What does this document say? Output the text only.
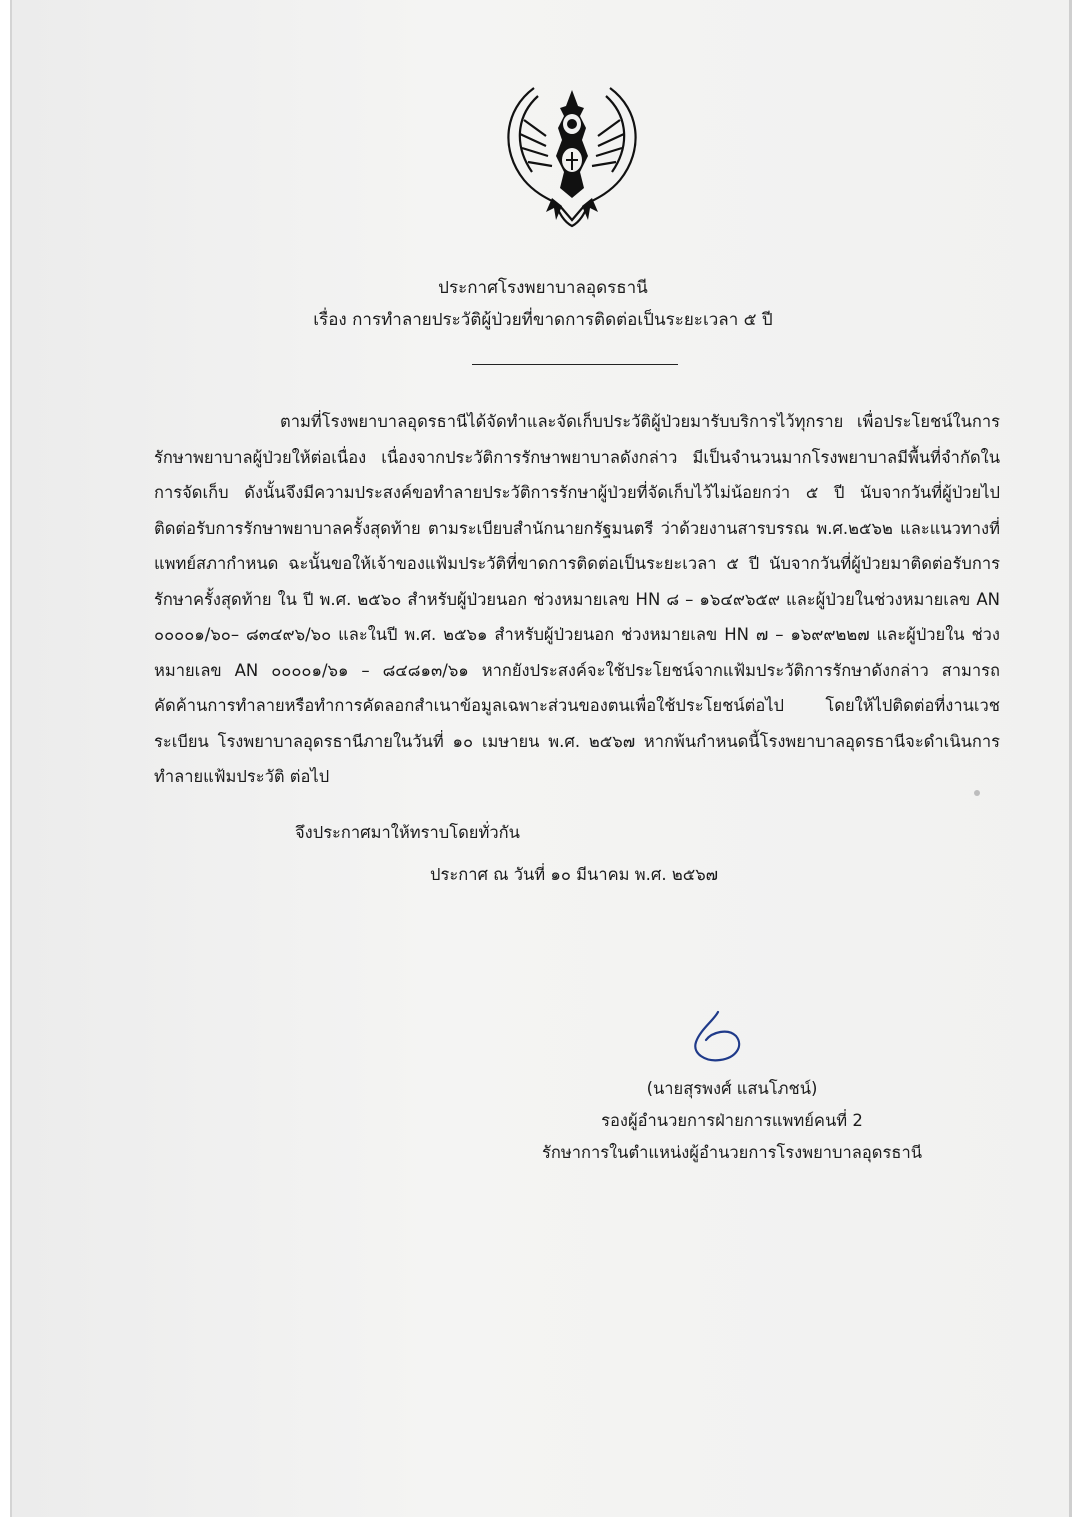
ประกาศโรงพยาบาลอุดรธานี
เรื่อง การทำลายประวัติผู้ป่วยที่ขาดการติดต่อเป็นระยะเวลา ๕ ปี
ตามที่โรงพยาบาลอุดรธานีได้จัดทำและจัดเก็บประวัติผู้ป่วยมารับบริการไว้ทุกราย เพื่อประโยชน์ในการรักษาพยาบาลผู้ป่วยให้ต่อเนื่อง เนื่องจากประวัติการรักษาพยาบาลดังกล่าว มีเป็นจำนวนมากโรงพยาบาลมีพื้นที่จำกัดในการจัดเก็บ ดังนั้นจึงมีความประสงค์ขอทำลายประวัติการรักษาผู้ป่วยที่จัดเก็บไว้ไม่น้อยกว่า ๕ ปี นับจากวันที่ผู้ป่วยไปติดต่อรับการรักษาพยาบาลครั้งสุดท้าย ตามระเบียบสำนักนายกรัฐมนตรี ว่าด้วยงานสารบรรณ พ.ศ.๒๕๖๒ และแนวทางที่แพทย์สภากำหนด ฉะนั้นขอให้เจ้าของแฟ้มประวัติที่ขาดการติดต่อเป็นระยะเวลา ๕ ปี นับจากวันที่ผู้ป่วยมาติดต่อรับการรักษาครั้งสุดท้าย ใน ปี พ.ศ. ๒๕๖๐ สำหรับผู้ป่วยนอก ช่วงหมายเลข HN ๘ – ๑๖๔๙๖๕๙ และผู้ป่วยในช่วงหมายเลข AN ๐๐๐๐๑/๖๐– ๘๓๔๙๖/๖๐ และในปี พ.ศ. ๒๕๖๑ สำหรับผู้ป่วยนอก ช่วงหมายเลข HN ๗ – ๑๖๙๙๒๒๗ และผู้ป่วยใน ช่วงหมายเลข AN ๐๐๐๐๑/๖๑ – ๘๔๘๑๓/๖๑ หากยังประสงค์จะใช้ประโยชน์จากแฟ้มประวัติการรักษาดังกล่าว สามารถคัดค้านการทำลายหรือทำการคัดลอกสำเนาข้อมูลเฉพาะส่วนของตนเพื่อใช้ประโยชน์ต่อไป โดยให้ไปติดต่อที่งานเวชระเบียน โรงพยาบาลอุดรธานีภายในวันที่ ๑๐ เมษายน พ.ศ. ๒๕๖๗ หากพ้นกำหนดนี้โรงพยาบาลอุดรธานีจะดำเนินการทำลายแฟ้มประวัติ ต่อไป
จึงประกาศมาให้ทราบโดยทั่วกัน
ประกาศ ณ วันที่ ๑๐ มีนาคม พ.ศ. ๒๕๖๗
(นายสุรพงศ์ แสนโภชน์)
รองผู้อำนวยการฝ่ายการแพทย์คนที่ 2
รักษาการในตำแหน่งผู้อำนวยการโรงพยาบาลอุดรธานี
